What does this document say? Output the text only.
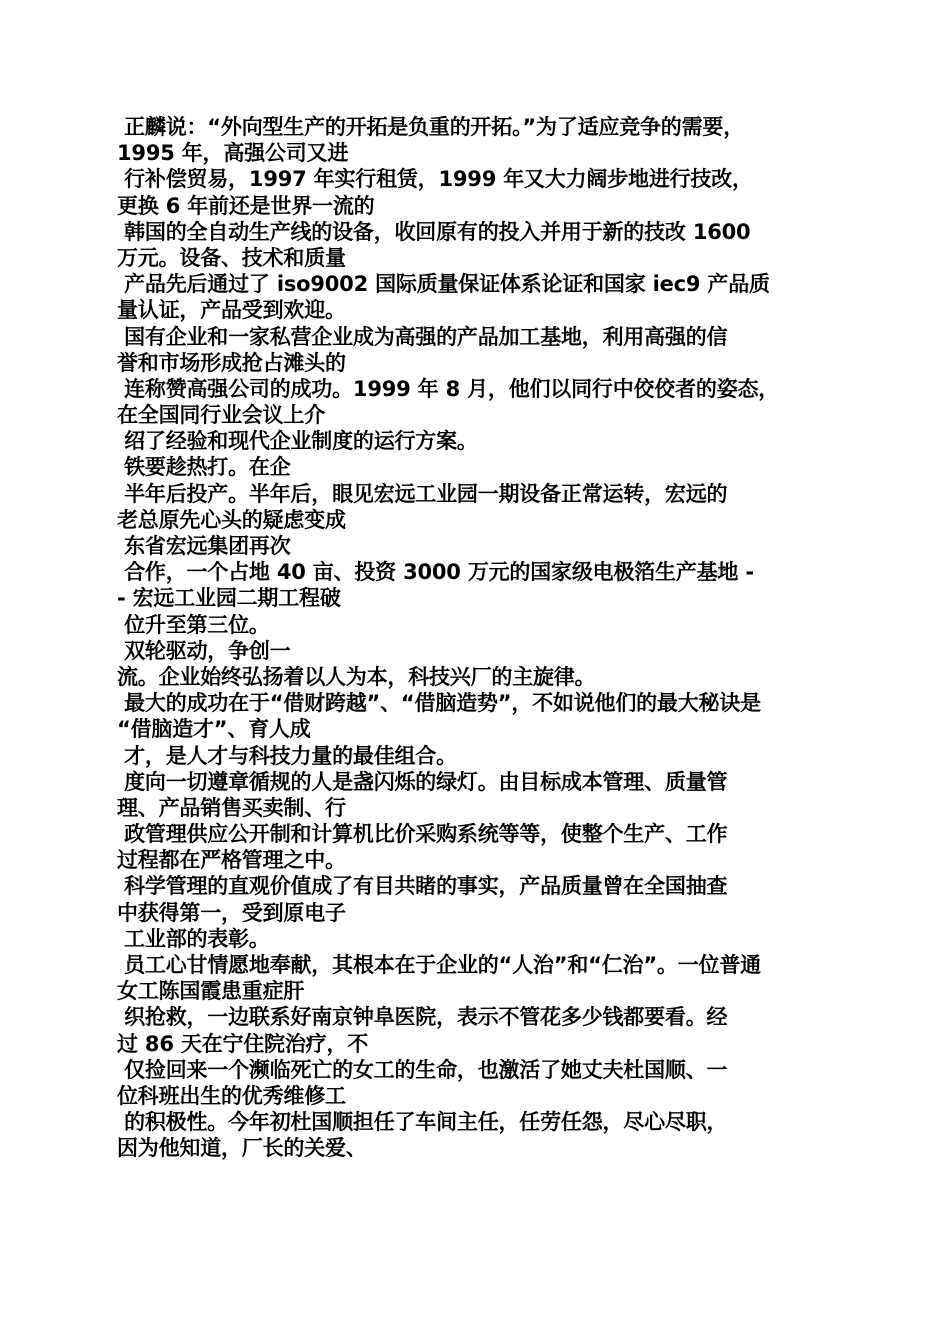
正麟说：“外向型生产的开拓是负重的开拓。”为了适应竞争的需要，
1995 年，高强公司又进
行补偿贸易，1997 年实行租赁，1999 年又大力阔步地进行技改，
更换 6 年前还是世界一流的
韩国的全自动生产线的设备，收回原有的投入并用于新的技改 1600
万元。设备、技术和质量
产品先后通过了 iso9002 国际质量保证体系论证和国家 iec9 产品质
量认证，产品受到欢迎。
国有企业和一家私营企业成为高强的产品加工基地，利用高强的信
誉和市场形成抢占滩头的
连称赞高强公司的成功。1999 年 8 月，他们以同行中佼佼者的姿态，
在全国同行业会议上介
绍了经验和现代企业制度的运行方案。
铁要趁热打。在企
半年后投产。半年后，眼见宏远工业园一期设备正常运转，宏远的
老总原先心头的疑虑变成
东省宏远集团再次
合作，一个占地 40 亩、投资 3000 万元的国家级电极箔生产基地 -
- 宏远工业园二期工程破
位升至第三位。
双轮驱动，争创一
流。企业始终弘扬着以人为本，科技兴厂的主旋律。
最大的成功在于“借财跨越”、“借脑造势”，不如说他们的最大秘诀是
“借脑造才”、育人成
才，是人才与科技力量的最佳组合。
度向一切遵章循规的人是盏闪烁的绿灯。由目标成本管理、质量管
理、产品销售买卖制、行
政管理供应公开制和计算机比价采购系统等等，使整个生产、工作
过程都在严格管理之中。
科学管理的直观价值成了有目共睹的事实，产品质量曾在全国抽查
中获得第一，受到原电子
工业部的表彰。
员工心甘情愿地奉献，其根本在于企业的“人治”和“仁治”。一位普通
女工陈国霞患重症肝
织抢救，一边联系好南京钟阜医院，表示不管花多少钱都要看。经
过 86 天在宁住院治疗，不
仅捡回来一个濒临死亡的女工的生命，也激活了她丈夫杜国顺、一
位科班出生的优秀维修工
的积极性。今年初杜国顺担任了车间主任，任劳任怨，尽心尽职，
因为他知道，厂长的关爱、
